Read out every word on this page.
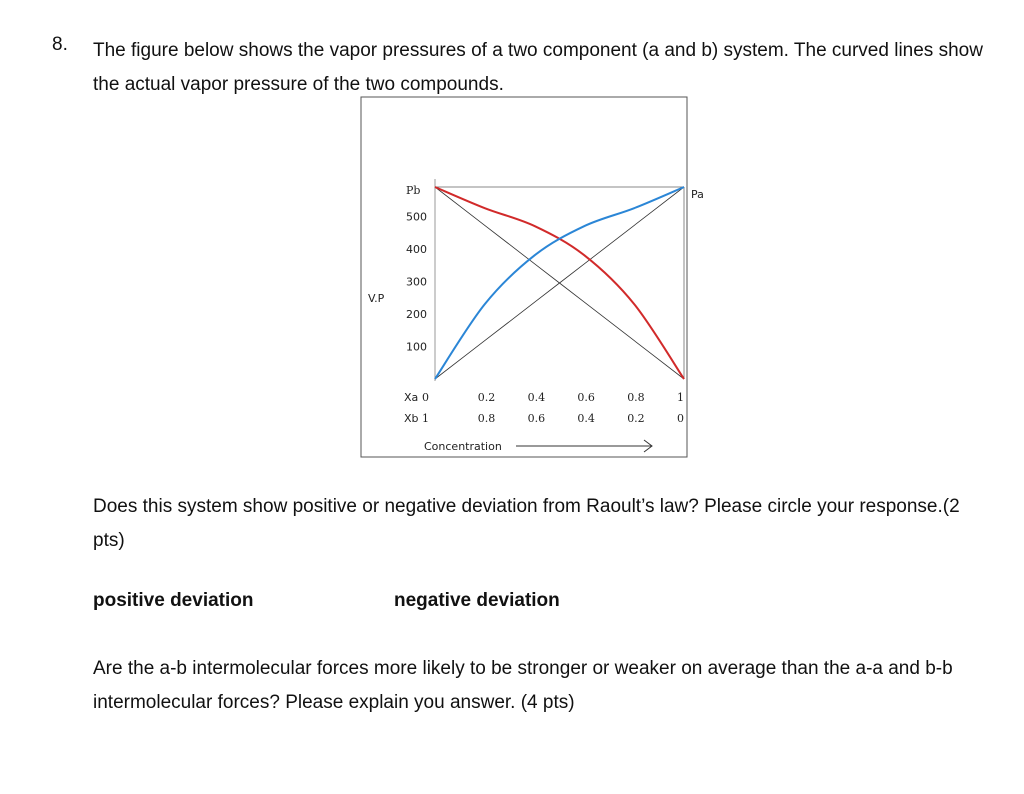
8. The figure below shows the vapor pressures of a two component (a and b) system. The curved lines show the actual vapor pressure of the two compounds.
100
200
300
400
500
0	0.2	0.4	0.6	0.8	1
1	0.8	0.6	0.4	0.2	0
V.P
Pb	Pa
Xa
Xb
Concentration
Does this system show positive or negative deviation from Raoult’s law? Please circle your response.(2 pts)
positive deviation	negative deviation
Are the a-b intermolecular forces more likely to be stronger or weaker on average than the a-a and b-b intermolecular forces? Please explain you answer. (4 pts)
